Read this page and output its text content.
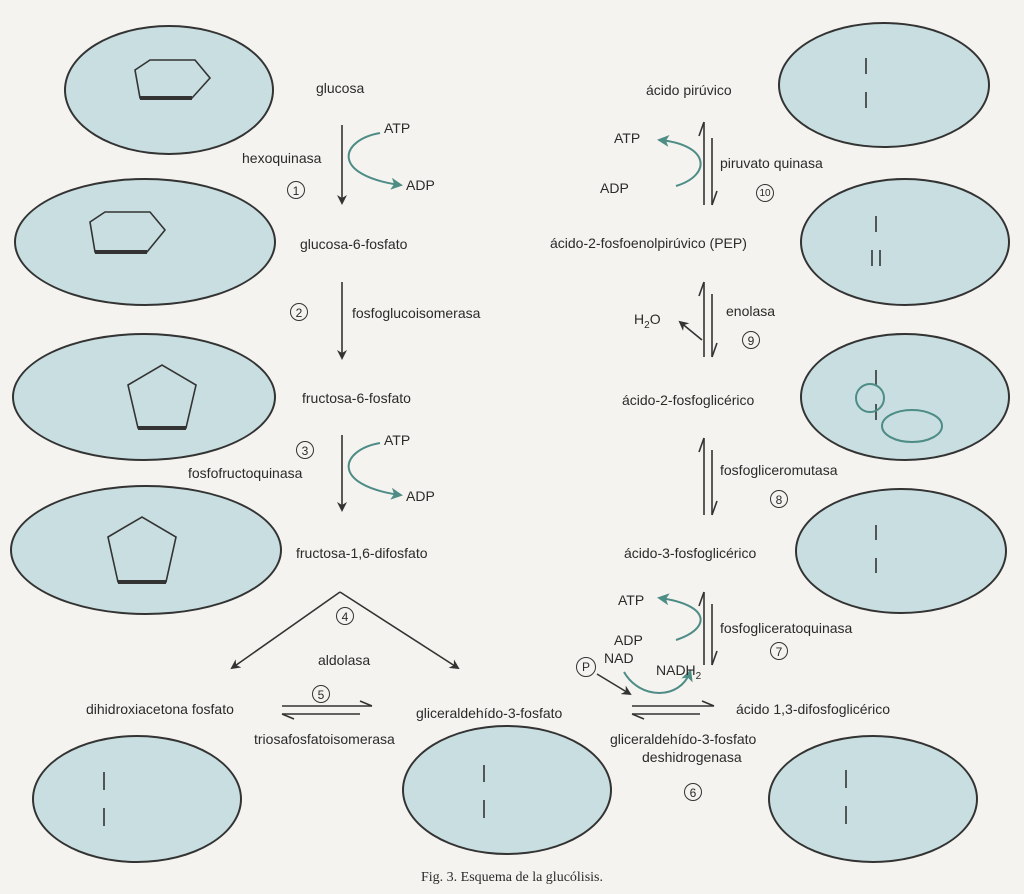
glucosa
glucosa-6-fosfato
fructosa-6-fosfato
fructosa-1,6-difosfato
dihidroxiacetona fosfato	gliceraldehído-3-fosfato	ácido 1,3-difosfoglicérico
ácido-3-fosfoglicérico
ácido-2-fosfoglicérico
ácido-2-fosfoenolpirúvico (PEP)
ácido pirúvico
hexoquinasa
fosfoglucoisomerasa
fosfofructoquinasa
aldolasa
triosafosfatoisomerasa	gliceraldehído-3-fosfato
deshidrogenasa
fosfogliceratoquinasa
fosfogliceromutasa
enolasa
piruvato quinasa
1
2
3
4
5
6
7
8
9
10
ATP
ADP
ATP
ADP
ATP
ADP
ATP
ADP
NAD
$NADH_2$
P
$H_2O$
Fig. 3. Esquema de la glucólisis.
